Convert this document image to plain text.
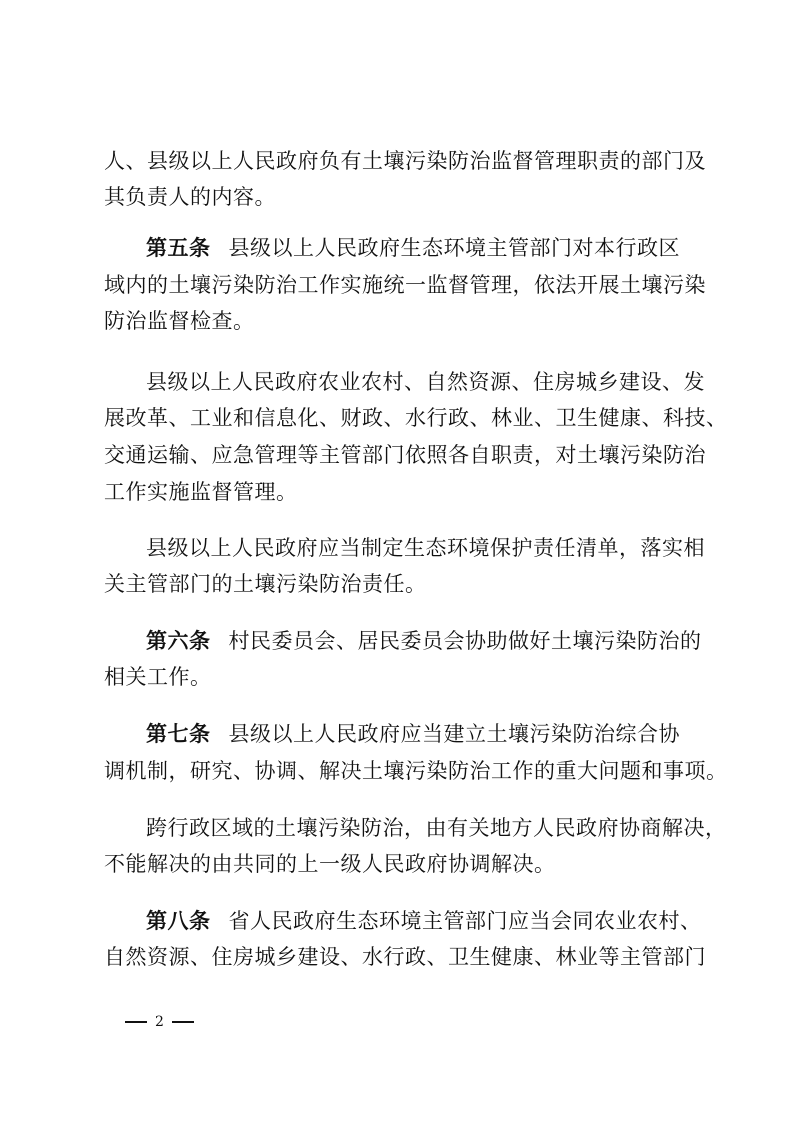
人、县级以上人民政府负有土壤污染防治监督管理职责的部门及
其负责人的内容。
第五条 县级以上人民政府生态环境主管部门对本行政区
域内的土壤污染防治工作实施统一监督管理，依法开展土壤污染
防治监督检查。
县级以上人民政府农业农村、自然资源、住房城乡建设、发
展改革、工业和信息化、财政、水行政、林业、卫生健康、科技、
交通运输、应急管理等主管部门依照各自职责，对土壤污染防治
工作实施监督管理。
县级以上人民政府应当制定生态环境保护责任清单，落实相
关主管部门的土壤污染防治责任。
第六条 村民委员会、居民委员会协助做好土壤污染防治的
相关工作。
第七条 县级以上人民政府应当建立土壤污染防治综合协
调机制，研究、协调、解决土壤污染防治工作的重大问题和事项。
跨行政区域的土壤污染防治，由有关地方人民政府协商解决，
不能解决的由共同的上一级人民政府协调解决。
第八条 省人民政府生态环境主管部门应当会同农业农村、
自然资源、住房城乡建设、水行政、卫生健康、林业等主管部门
2
